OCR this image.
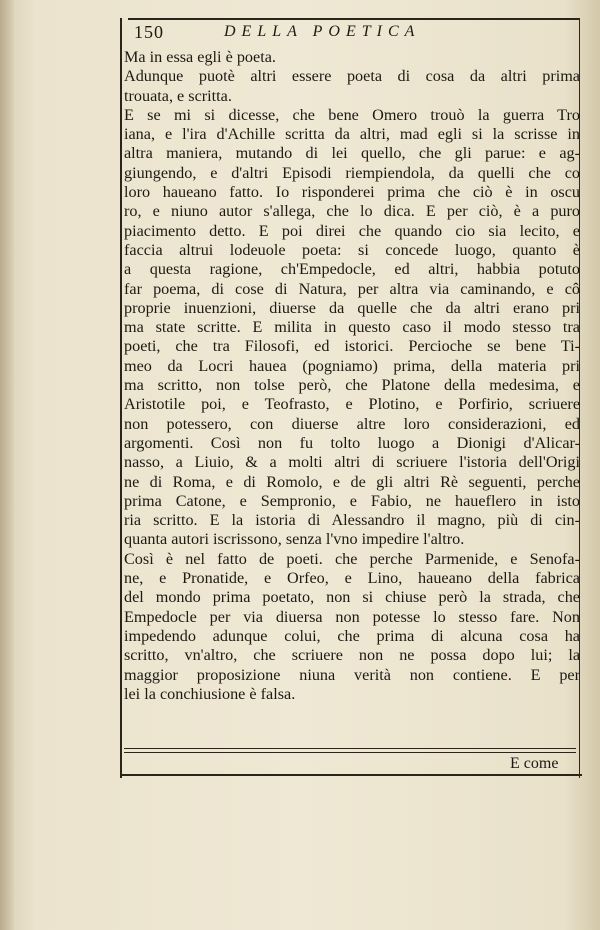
150	DELLA POETICA
Ma in essa egli è poeta.
Adunque puotè altri essere poeta di cosa da altri prima
trouata, e scritta.
E se mi si dicesse, che bene Omero trouò la guerra Tro
iana, e l'ira d'Achille scritta da altri, mad egli si la scrisse in
altra maniera, mutando di lei quello, che gli parue: e ag-
giungendo, e d'altri Episodi riempiendola, da quelli che co
loro haueano fatto. Io risponderei prima che ciò è in oscu
ro, e niuno autor s'allega, che lo dica. E per ciò, è a puro
piacimento detto. E poi direi che quando cio sia lecito, e
faccia altrui lodeuole poeta: si concede luogo, quanto è
a questa ragione, ch'Empedocle, ed altri, habbia potuto
far poema, di cose di Natura, per altra via caminando, e cô
proprie inuenzioni, diuerse da quelle che da altri erano pri
ma state scritte. E milita in questo caso il modo stesso tra
poeti, che tra Filosofi, ed istorici. Percioche se bene Ti-
meo da Locri hauea (pogniamo) prima, della materia pri
ma scritto, non tolse però, che Platone della medesima, e
Aristotile poi, e Teofrasto, e Plotino, e Porfirio, scriuere
non potessero, con diuerse altre loro considerazioni, ed
argomenti. Così non fu tolto luogo a Dionigi d'Alicar-
nasso, a Liuio, & a molti altri di scriuere l'istoria dell'Origi
ne di Roma, e di Romolo, e de gli altri Rè seguenti, perche
prima Catone, e Sempronio, e Fabio, ne haueflero in isto
ria scritto. E la istoria di Alessandro il magno, più di cin-
quanta autori iscrissono, senza l'vno impedire l'altro.
Così è nel fatto de poeti. che perche Parmenide, e Senofa-
ne, e Pronatide, e Orfeo, e Lino, haueano della fabrica
del mondo prima poetato, non si chiuse però la strada, che
Empedocle per via diuersa non potesse lo stesso fare. Non
impedendo adunque colui, che prima di alcuna cosa ha
scritto, vn'altro, che scriuere non ne possa dopo lui; la
maggior proposizione niuna verità non contiene. E per
lei la conchiusione è falsa.
E come
